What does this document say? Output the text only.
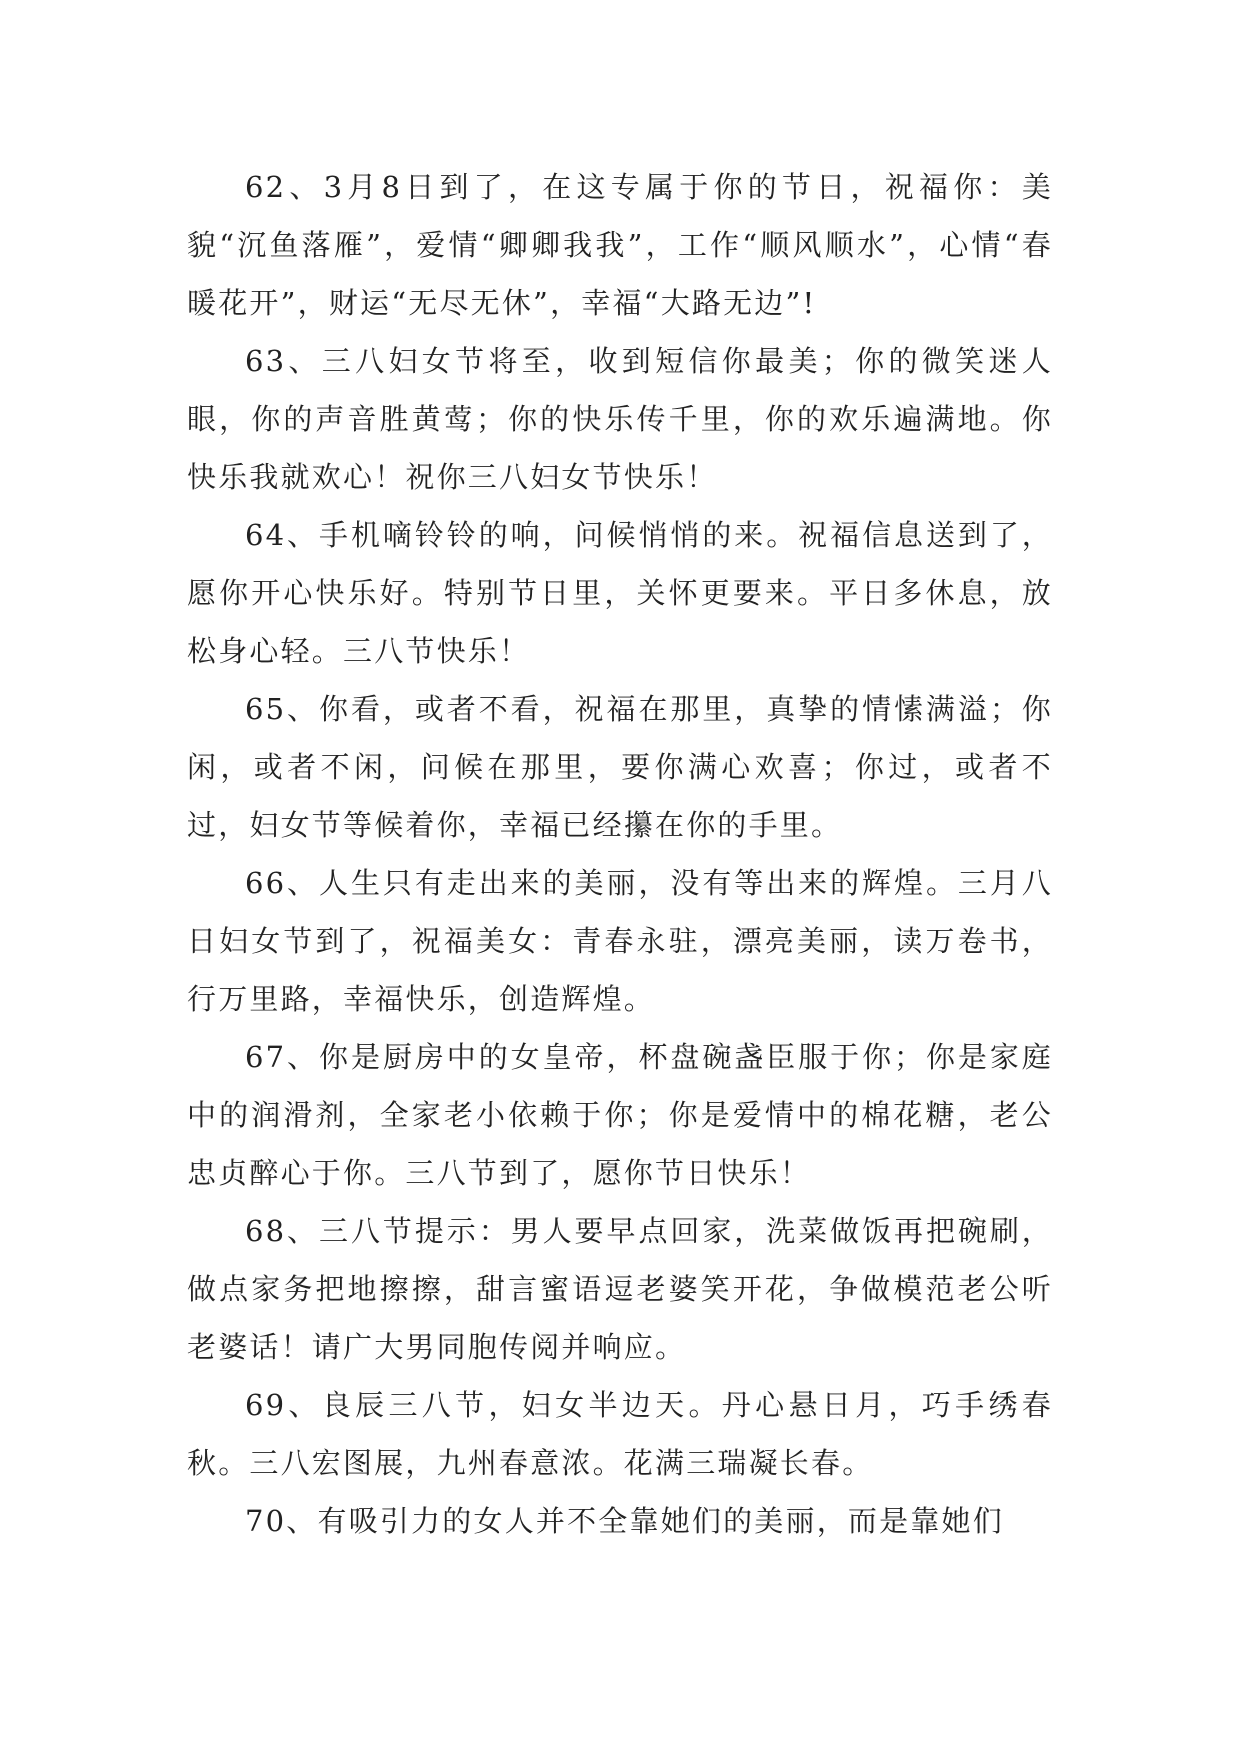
62、3月8日到了，在这专属于你的节日，祝福你：美貌“沉鱼落雁”，爱情“卿卿我我”，工作“顺风顺水”，心情“春暖花开”，财运“无尽无休”，幸福“大路无边”!

63、三八妇女节将至，收到短信你最美；你的微笑迷人眼，你的声音胜黄莺；你的快乐传千里，你的欢乐遍满地。你快乐我就欢心！祝你三八妇女节快乐！

64、手机嘀铃铃的响，问候悄悄的来。祝福信息送到了，愿你开心快乐好。特别节日里，关怀更要来。平日多休息，放松身心轻。三八节快乐！

65、你看，或者不看，祝福在那里，真挚的情愫满溢；你闲，或者不闲，问候在那里，要你满心欢喜；你过，或者不过，妇女节等候着你，幸福已经攥在你的手里。

66、人生只有走出来的美丽，没有等出来的辉煌。三月八日妇女节到了，祝福美女：青春永驻，漂亮美丽，读万卷书，行万里路，幸福快乐，创造辉煌。

67、你是厨房中的女皇帝，杯盘碗盏臣服于你；你是家庭中的润滑剂，全家老小依赖于你；你是爱情中的棉花糖，老公忠贞醉心于你。三八节到了，愿你节日快乐！

68、三八节提示：男人要早点回家，洗菜做饭再把碗刷，做点家务把地擦擦，甜言蜜语逗老婆笑开花，争做模范老公听老婆话！请广大男同胞传阅并响应。

69、良辰三八节，妇女半边天。丹心悬日月，巧手绣春秋。三八宏图展，九州春意浓。花满三瑞凝长春。

70、有吸引力的女人并不全靠她们的美丽，而是靠她们
